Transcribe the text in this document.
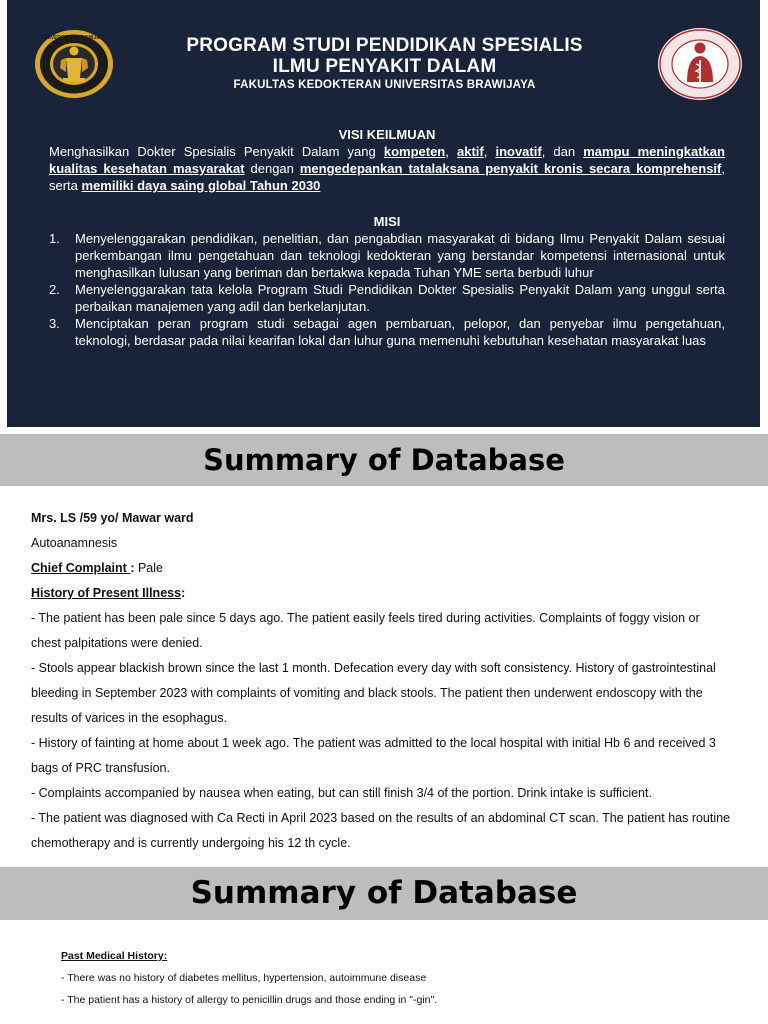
UNIVERSITAS BRAWIJAYA	PROGRAM STUDI PENDIDIKAN SPESIALIS
ILMU PENYAKIT DALAM
FAKULTAS KEDOKTERAN UNIVERSITAS BRAWIJAYA
VISI KEILMUAN
Menghasilkan Dokter Spesialis Penyakit Dalam yang kompeten, aktif, inovatif, dan mampu meningkatkan kualitas kesehatan masyarakat dengan mengedepankan tatalaksana penyakit kronis secara komprehensif, serta memiliki daya saing global Tahun 2030
MISI
1. Menyelenggarakan pendidikan, penelitian, dan pengabdian masyarakat di bidang Ilmu Penyakit Dalam sesuai perkembangan ilmu pengetahuan dan teknologi kedokteran yang berstandar kompetensi internasional untuk menghasilkan lulusan yang beriman dan bertakwa kepada Tuhan YME serta berbudi luhur
2. Menyelenggarakan tata kelola Program Studi Pendidikan Dokter Spesialis Penyakit Dalam yang unggul serta perbaikan manajemen yang adil dan berkelanjutan.
3. Menciptakan peran program studi sebagai agen pembaruan, pelopor, dan penyebar ilmu pengetahuan, teknologi, berdasar pada nilai kearifan lokal dan luhur guna memenuhi kebutuhan kesehatan masyarakat luas
Summary of Database

Mrs. LS /59 yo/ Mawar ward

Autoanamnesis

Chief Complaint : Pale

History of Present Illness:

- The patient has been pale since 5 days ago. The patient easily feels tired during activities. Complaints of foggy vision or chest palpitations were denied.

- Stools appear blackish brown since the last 1 month. Defecation every day with soft consistency. History of gastrointestinal bleeding in September 2023 with complaints of vomiting and black stools. The patient then underwent endoscopy with the results of varices in the esophagus.

- History of fainting at home about 1 week ago. The patient was admitted to the local hospital with initial Hb 6 and received 3 bags of PRC transfusion.

- Complaints accompanied by nausea when eating, but can still finish 3/4 of the portion. Drink intake is sufficient.

- The patient was diagnosed with Ca Recti in April 2023 based on the results of an abdominal CT scan. The patient has routine chemotherapy and is currently undergoing his 12 th cycle.

Summary of Database

Past Medical History:

- There was no history of diabetes mellitus, hypertension, autoimmune disease

- The patient has a history of allergy to penicillin drugs and those ending in "-gin".
